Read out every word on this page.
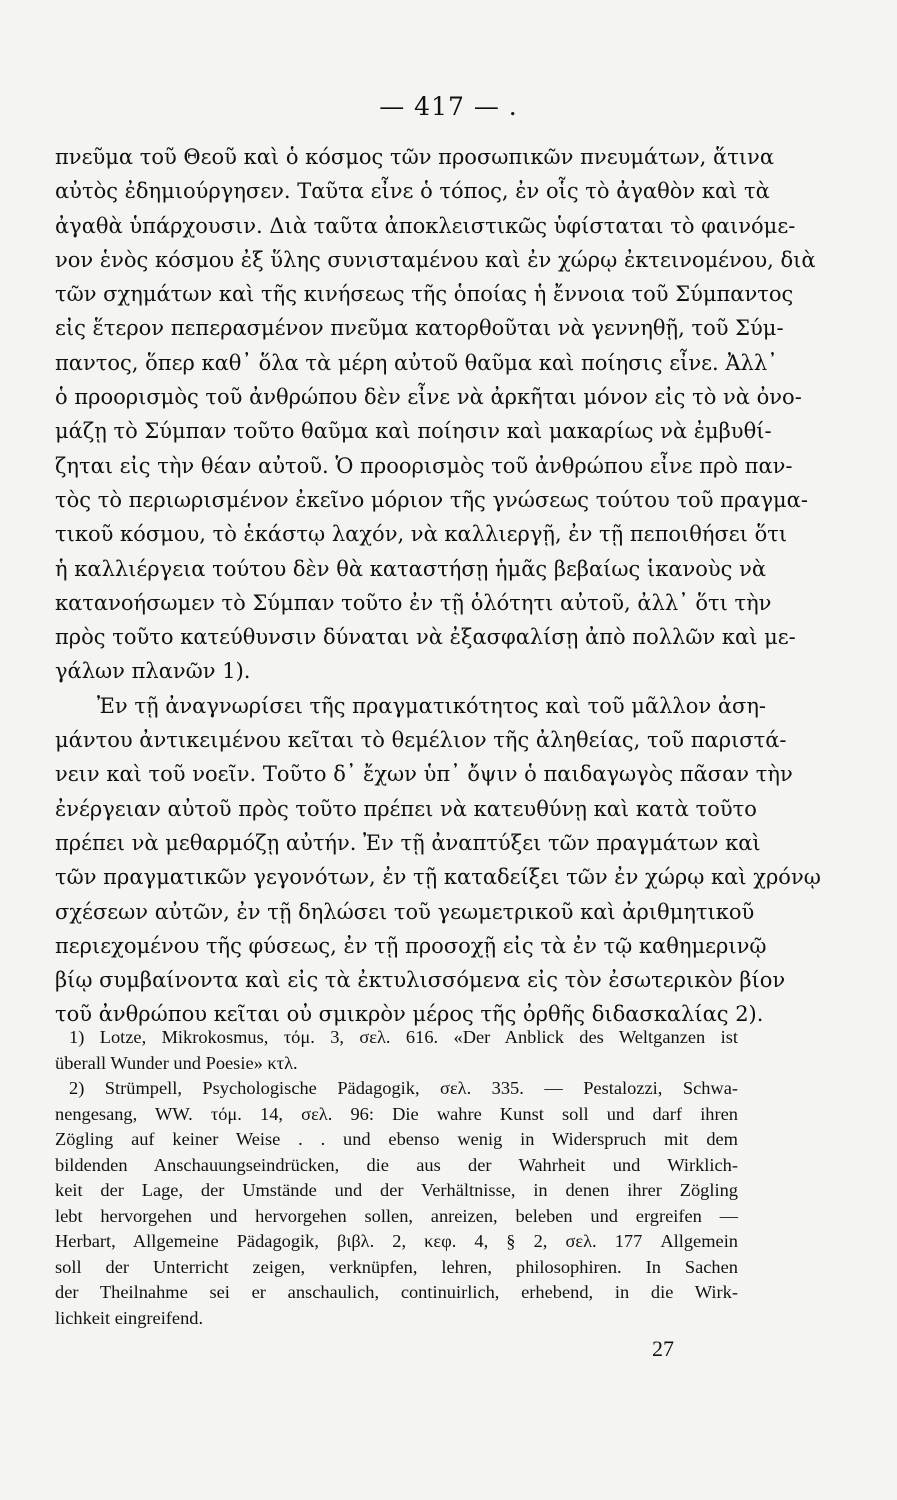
— 417 — .
πνεῦμα τοῦ Θεοῦ καὶ ὁ κόσμος τῶν προσωπικῶν πνευμάτων, ἅτινα
αὐτὸς ἐδημιούργησεν. Ταῦτα εἶνε ὁ τόπος, ἐν οἷς τὸ ἀγαθὸν καὶ τὰ
ἀγαθὰ ὑπάρχουσιν. Διὰ ταῦτα ἀποκλειστικῶς ὑφίσταται τὸ φαινόμε-
νον ἑνὸς κόσμου ἐξ ὕλης συνισταμένου καὶ ἐν χώρῳ ἐκτεινομένου, διὰ
τῶν σχημάτων καὶ τῆς κινήσεως τῆς ὁποίας ἡ ἔννοια τοῦ Σύμπαντος
εἰς ἕτερον πεπερασμένον πνεῦμα κατορθοῦται νὰ γεννηθῇ, τοῦ Σύμ-
παντος, ὅπερ καθ᾿ ὅλα τὰ μέρη αὐτοῦ θαῦμα καὶ ποίησις εἶνε. Ἀλλ᾿
ὁ προορισμὸς τοῦ ἀνθρώπου δὲν εἶνε νὰ ἀρκῆται μόνον εἰς τὸ νὰ ὀνο-
μάζῃ τὸ Σύμπαν τοῦτο θαῦμα καὶ ποίησιν καὶ μακαρίως νὰ ἐμβυθί-
ζηται εἰς τὴν θέαν αὐτοῦ. Ὁ προορισμὸς τοῦ ἀνθρώπου εἶνε πρὸ παν-
τὸς τὸ περιωρισμένον ἐκεῖνο μόριον τῆς γνώσεως τούτου τοῦ πραγμα-
τικοῦ κόσμου, τὸ ἑκάστῳ λαχόν, νὰ καλλιεργῇ, ἐν τῇ πεποιθήσει ὅτι
ἡ καλλιέργεια τούτου δὲν θὰ καταστήσῃ ἡμᾶς βεβαίως ἱκανοὺς νὰ
κατανοήσωμεν τὸ Σύμπαν τοῦτο ἐν τῇ ὁλότητι αὐτοῦ, ἀλλ᾿ ὅτι τὴν
πρὸς τοῦτο κατεύθυνσιν δύναται νὰ ἐξασφαλίσῃ ἀπὸ πολλῶν καὶ με-
γάλων πλανῶν 1).
Ἐν τῇ ἀναγνωρίσει τῆς πραγματικότητος καὶ τοῦ μᾶλλον ἀση-
μάντου ἀντικειμένου κεῖται τὸ θεμέλιον τῆς ἀληθείας, τοῦ παριστά-
νειν καὶ τοῦ νοεῖν. Τοῦτο δ᾿ ἔχων ὑπ᾿ ὄψιν ὁ παιδαγωγὸς πᾶσαν τὴν
ἐνέργειαν αὐτοῦ πρὸς τοῦτο πρέπει νὰ κατευθύνῃ καὶ κατὰ τοῦτο
πρέπει νὰ μεθαρμόζῃ αὐτήν. Ἐν τῇ ἀναπτύξει τῶν πραγμάτων καὶ
τῶν πραγματικῶν γεγονότων, ἐν τῇ καταδείξει τῶν ἐν χώρῳ καὶ χρόνῳ
σχέσεων αὐτῶν, ἐν τῇ δηλώσει τοῦ γεωμετρικοῦ καὶ ἀριθμητικοῦ
περιεχομένου τῆς φύσεως, ἐν τῇ προσοχῇ εἰς τὰ ἐν τῷ καθημερινῷ
βίῳ συμβαίνοντα καὶ εἰς τὰ ἐκτυλισσόμενα εἰς τὸν ἐσωτερικὸν βίον
τοῦ ἀνθρώπου κεῖται οὐ σμικρὸν μέρος τῆς ὀρθῆς διδασκαλίας 2).
1) Lotze, Mikrokosmus, τόμ. 3, σελ. 616. «Der Anblick des Weltganzen ist
überall Wunder und Poesie» κτλ.
2) Strümpell, Psychologische Pädagogik, σελ. 335. — Pestalozzi, Schwa-
nengesang, WW. τόμ. 14, σελ. 96: Die wahre Kunst soll und darf ihren
Zögling auf keiner Weise . . und ebenso wenig in Widerspruch mit dem
bildenden Anschauungseindrücken, die aus der Wahrheit und Wirklich-
keit der Lage, der Umstände und der Verhältnisse, in denen ihrer Zögling
lebt hervorgehen und hervorgehen sollen, anreizen, beleben und ergreifen —
Herbart, Allgemeine Pädagogik, βιβλ. 2, κεφ. 4, § 2, σελ. 177 Allgemein
soll der Unterricht zeigen, verknüpfen, lehren, philosophiren. In Sachen
der Theilnahme sei er anschaulich, continuirlich, erhebend, in die Wirk-
lichkeit eingreifend.
27
